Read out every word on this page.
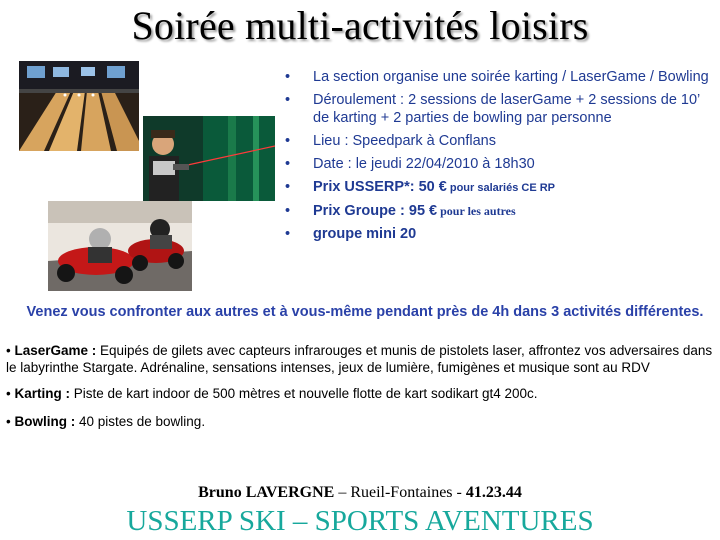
Soirée multi-activités loisirs
• La section organise une soirée karting / LaserGame / Bowling
• Déroulement : 2 sessions de laserGame + 2 sessions de 10’ de karting + 2 parties de bowling par personne
• Lieu : Speedpark à Conflans
• Date : le jeudi 22/04/2010 à 18h30
• Prix USSERP*: 50 € pour salariés CE RP
• Prix Groupe : 95 € pour les autres
• groupe mini 20
Venez vous confronter aux autres et à vous-même pendant près de 4h dans 3 activités différentes.
• LaserGame : Equipés de gilets avec capteurs infrarouges et munis de pistolets laser, affrontez vos adversaires dans le labyrinthe Stargate. Adrénaline, sensations intenses, jeux de lumière, fumigènes et musique sont au RDV
• Karting : Piste de kart indoor de 500 mètres et nouvelle flotte de kart sodikart gt4 200c.
• Bowling : 40 pistes de bowling.
Bruno LAVERGNE – Rueil-Fontaines - 41.23.44
USSERP SKI – SPORTS AVENTURES
